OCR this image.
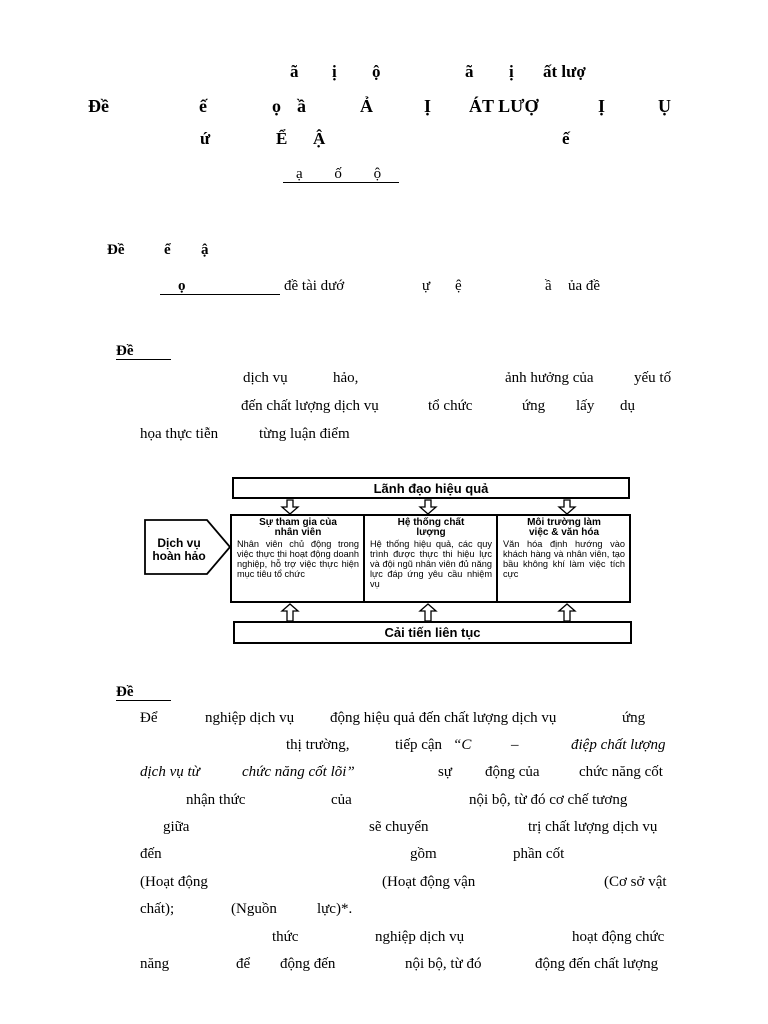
ã ị ộ	ã ị ất lượ
Đề	ế	ọ ầ	Ả	Ị ÁT LƯỢ	Ị	Ụ
ứ	Ể Ậ	ế
ạ ố ộ
Đề	ể ậ
ọ	đề tài dướ	ự ệ	ầ ủa đề
Đề
dịch vụ	hảo,	ảnh hưởng của	yếu tố
đến chất lượng dịch vụ	tổ chức	ứng lấy dụ
họa thực tiễn	từng luận điểm
Lãnh đạo hiệu quả
Dịch vụ
hoàn hảo
Sự tham gia của
nhân viên
Nhân viên chủ động trong việc thực thi hoạt động doanh nghiệp, hỗ trợ việc thực hiện mục tiêu tổ chức
Hệ thống chất
lượng
Hệ thống hiệu quả, các quy trình được thực thi hiệu lực và đội ngũ nhân viên đủ năng lực đáp ứng yêu cầu nhiệm vụ
Môi trường làm
việc & văn hóa
Văn hóa định hướng vào khách hàng và nhân viên, tạo bầu không khí làm việc tích cực
Cải tiến liên tục
Đề
Để	nghiệp dịch vụ động hiệu quả đến chất lượng dịch vụ	ứng
thị trường,	tiếp cận “C	–	điệp chất lượng
dịch vụ từ	chức năng cốt lõi”	sự động của	chức năng cốt
nhận thức	của	nội bộ, từ đó cơ chế tương
giữa	sẽ chuyển	trị chất lượng dịch vụ
đến	gồm	phần cốt
(Hoạt động	(Hoạt động vận	(Cơ sở vật
chất);	(Nguồn	lực)*.
thức	nghiệp dịch vụ	hoạt động chức
năng	để động đến	nội bộ, từ đó	động đến chất lượng
